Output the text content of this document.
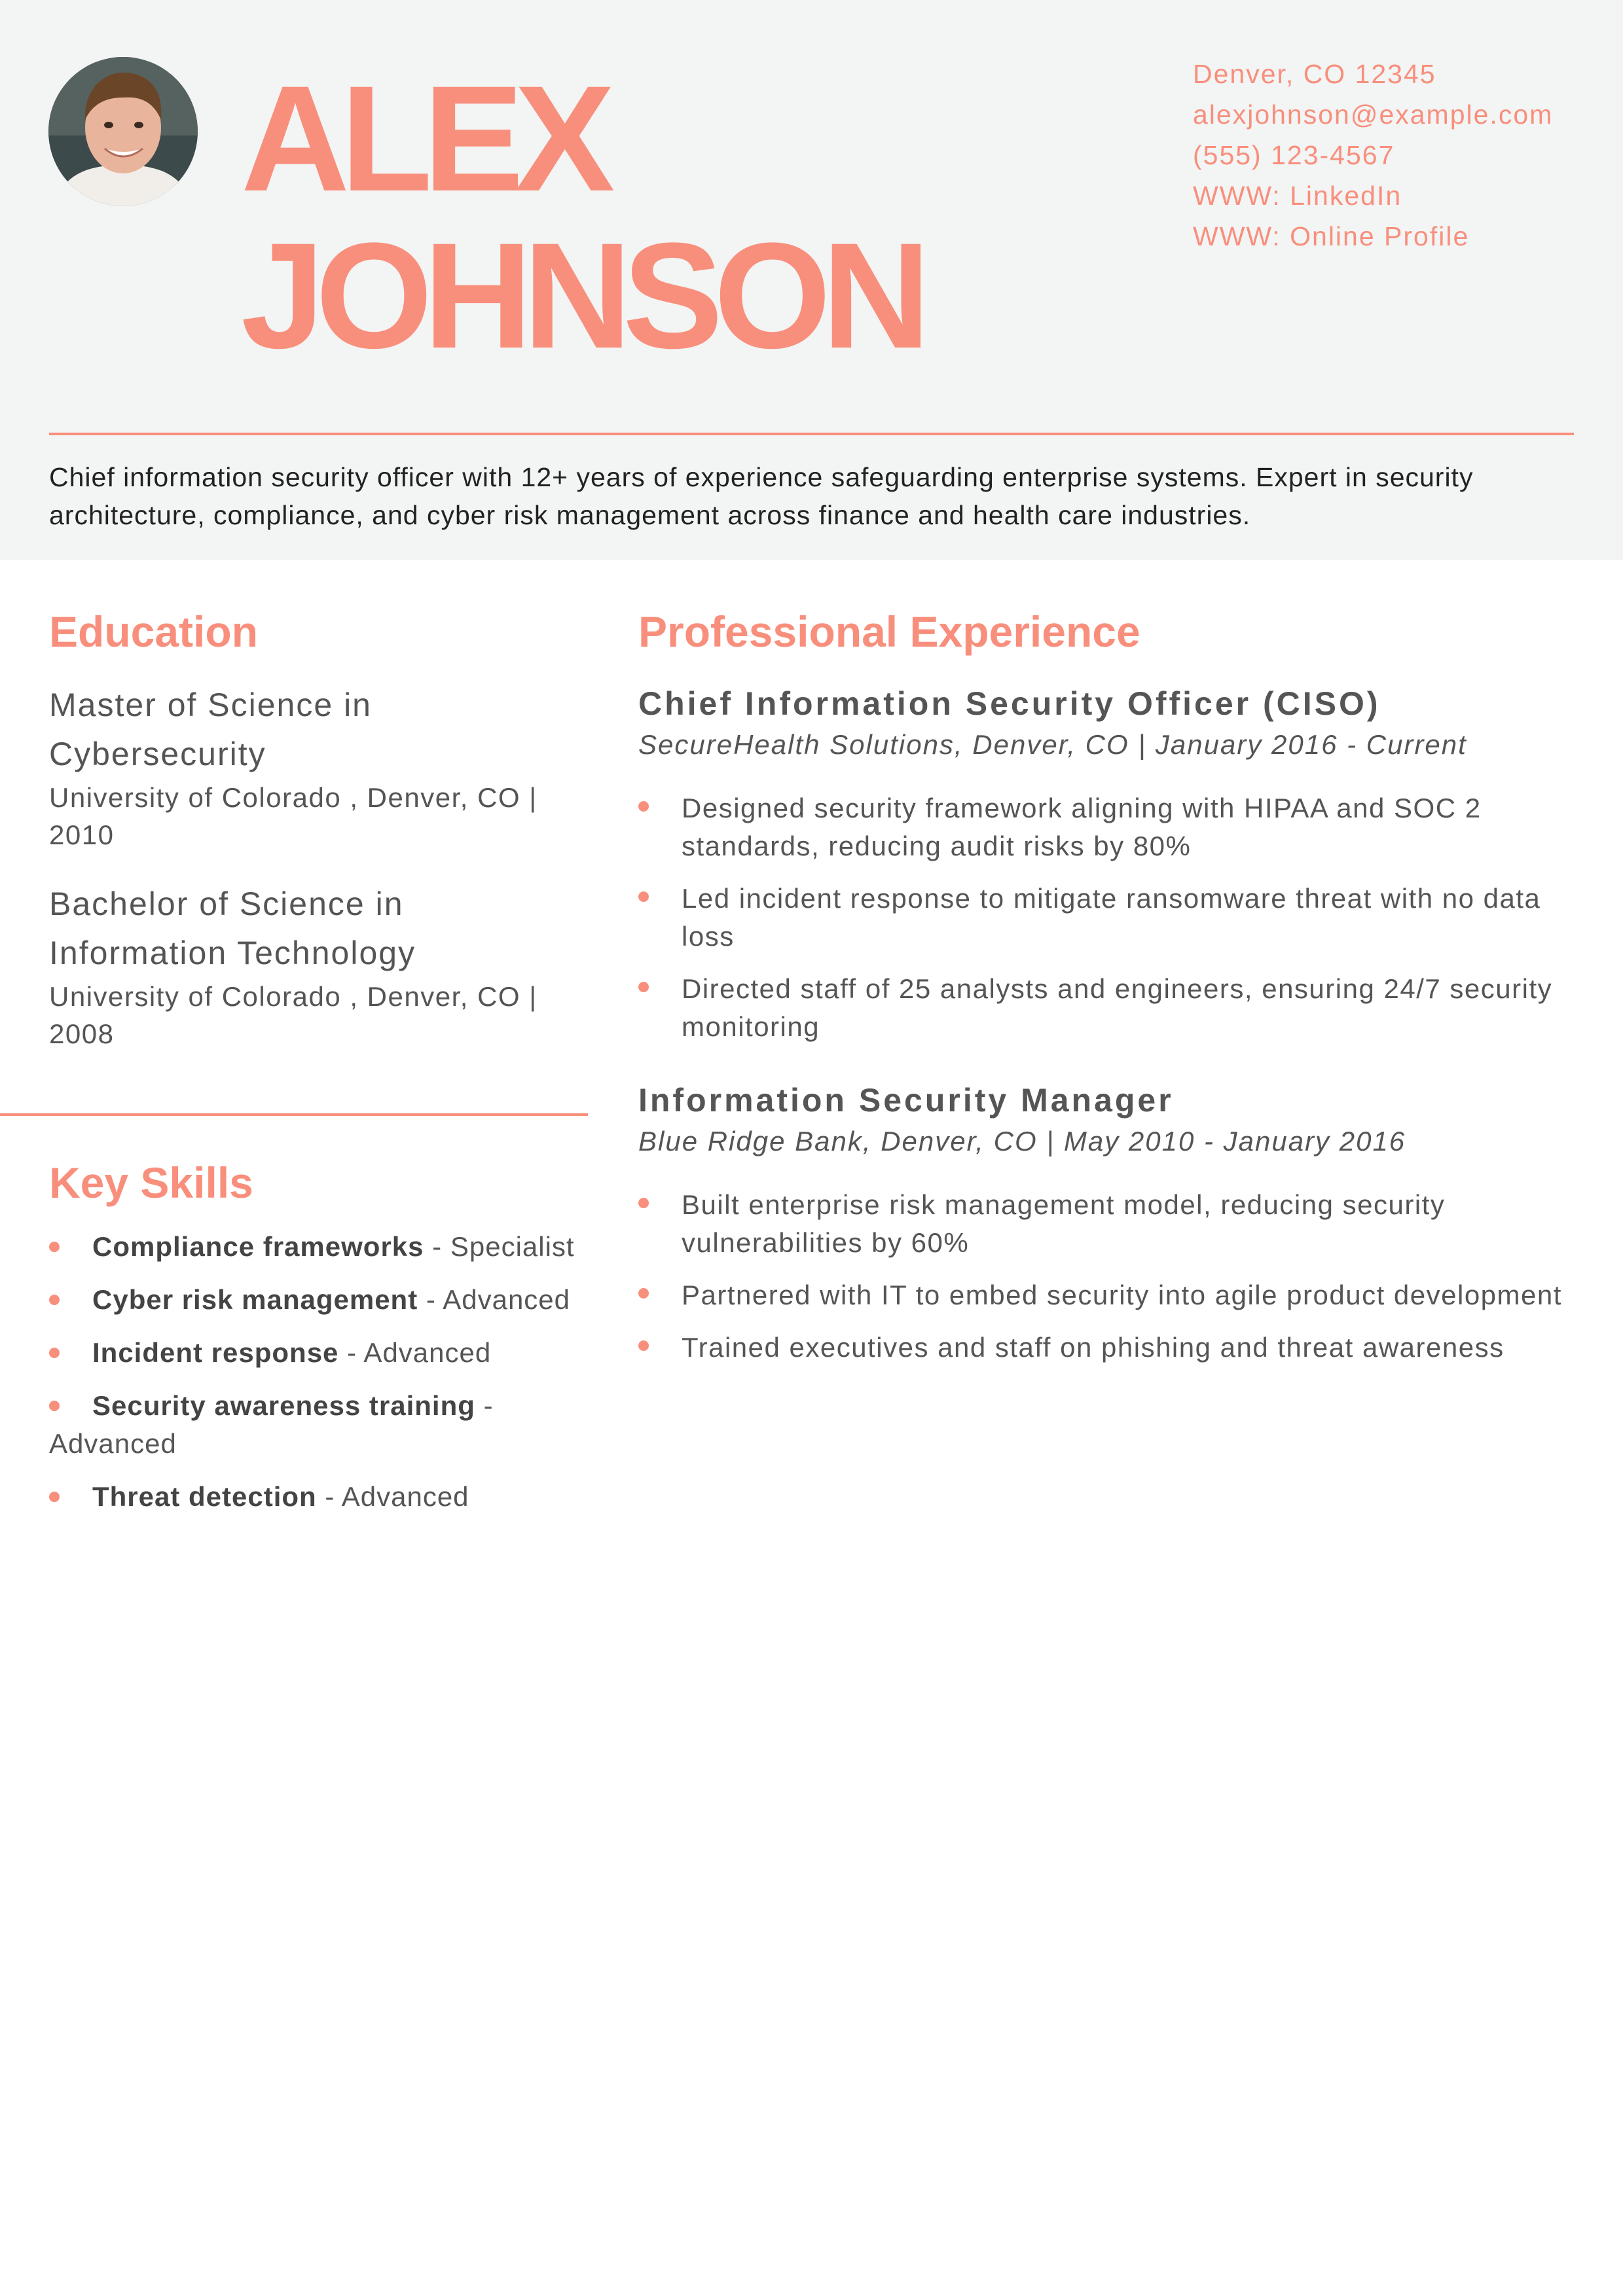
ALEX
JOHNSON
Denver, CO 12345
alexjohnson@example.com
(555) 123-4567
WWW: LinkedIn
WWW: Online Profile

Chief information security officer with 12+ years of experience safeguarding enterprise systems. Expert in security architecture, compliance, and cyber risk management across finance and health care industries.

Education
Master of Science in Cybersecurity
University of Colorado , Denver, CO | 2010
Bachelor of Science in Information Technology
University of Colorado , Denver, CO | 2008
Key Skills
Compliance frameworks - Specialist
Cyber risk management - Advanced
Incident response - Advanced
Security awareness training - Advanced
Threat detection - Advanced
Professional Experience
Chief Information Security Officer (CISO)
SecureHealth Solutions, Denver, CO | January 2016 - Current
Designed security framework aligning with HIPAA and SOC 2 standards, reducing audit risks by 80%
Led incident response to mitigate ransomware threat with no data loss
Directed staff of 25 analysts and engineers, ensuring 24/7 security monitoring
Information Security Manager
Blue Ridge Bank, Denver, CO | May 2010 - January 2016
Built enterprise risk management model, reducing security vulnerabilities by 60%
Partnered with IT to embed security into agile product development
Trained executives and staff on phishing and threat awareness
